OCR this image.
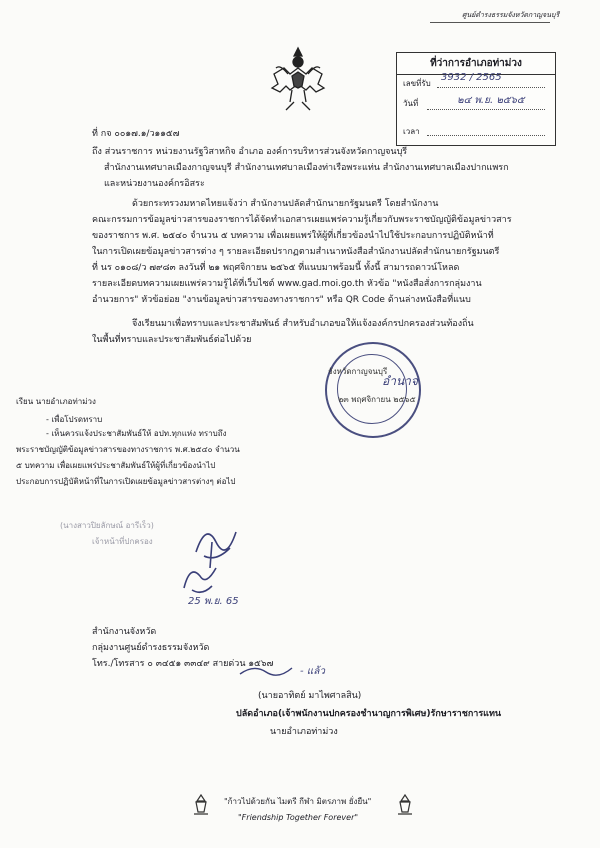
ศูนย์ดำรงธรรมจังหวัดกาญจนบุรี
ที่ว่าการอำเภอท่าม่วง
เลขที่รับ
3932 / 2565
วันที่	๒๔ พ.ย. ๒๕๖๕
เวลา
ที่ กจ ๐๐๑๗.๑/ว๑๑๕๗
ถึง ส่วนราชการ หน่วยงานรัฐวิสาหกิจ อำเภอ องค์การบริหารส่วนจังหวัดกาญจนบุรี
สำนักงานเทศบาลเมืองกาญจนบุรี สำนักงานเทศบาลเมืองท่าเรือพระแท่น สำนักงานเทศบาลเมืองปากแพรก
และหน่วยงานองค์กรอิสระ
ด้วยกระทรวงมหาดไทยแจ้งว่า สำนักงานปลัดสำนักนายกรัฐมนตรี โดยสำนักงาน
คณะกรรมการข้อมูลข่าวสารของราชการได้จัดทำเอกสารเผยแพร่ความรู้เกี่ยวกับพระราชบัญญัติข้อมูลข่าวสาร
ของราชการ พ.ศ. ๒๕๔๐ จำนวน ๕ บทความ เพื่อเผยแพร่ให้ผู้ที่เกี่ยวข้องนำไปใช้ประกอบการปฏิบัติหน้าที่
ในการเปิดเผยข้อมูลข่าวสารต่าง ๆ รายละเอียดปรากฏตามสำเนาหนังสือสำนักงานปลัดสำนักนายกรัฐมนตรี
ที่ นร ๐๑๐๘/ว ๗๙๘๓ ลงวันที่ ๒๑ พฤศจิกายน ๒๕๖๕ ที่แนบมาพร้อมนี้ ทั้งนี้ สามารถดาวน์โหลด
รายละเอียดบทความเผยแพร่ความรู้ได้ที่เว็บไซต์ www.gad.moi.go.th หัวข้อ "หนังสือสั่งการกลุ่มงาน
อำนวยการ" หัวข้อย่อย "งานข้อมูลข่าวสารของทางราชการ" หรือ QR Code ด้านล่างหนังสือที่แนบ
จึงเรียนมาเพื่อทราบและประชาสัมพันธ์ สำหรับอำเภอขอให้แจ้งองค์กรปกครองส่วนท้องถิ่น
ในพื้นที่ทราบและประชาสัมพันธ์ต่อไปด้วย
จังหวัดกาญจนบุรี
อำนาจ
๒๓ พฤศจิกายน ๒๕๖๕
เรียน นายอำเภอท่าม่วง
- เพื่อโปรดทราบ
- เห็นควรแจ้งประชาสัมพันธ์ให้ อปท.ทุกแห่ง ทราบถึง
พระราชบัญญัติข้อมูลข่าวสารของทางราชการ พ.ศ.๒๕๔๐ จำนวน
๕ บทความ เพื่อเผยแพร่ประชาสัมพันธ์ให้ผู้ที่เกี่ยวข้องนำไป
ประกอบการปฏิบัติหน้าที่ในการเปิดเผยข้อมูลข่าวสารต่างๆ ต่อไป
(นางสาวปิยลักษณ์ อารีเร็ว)
เจ้าหน้าที่ปกครอง
25 พ.ย. 65
สำนักงานจังหวัด
กลุ่มงานศูนย์ดำรงธรรมจังหวัด
โทร./โทรสาร ๐ ๓๔๕๑ ๓๓๔๙ สายด่วน ๑๕๖๗
- แล้ว
(นายอาทิตย์ มาไพศาลสิน)
ปลัดอำเภอ(เจ้าพนักงานปกครองชำนาญการพิเศษ)รักษาราชการแทน
นายอำเภอท่าม่วง
"ก้าวไปด้วยกัน ไมตรี กีฬา มิตรภาพ ยั่งยืน"
"Friendship Together Forever"
